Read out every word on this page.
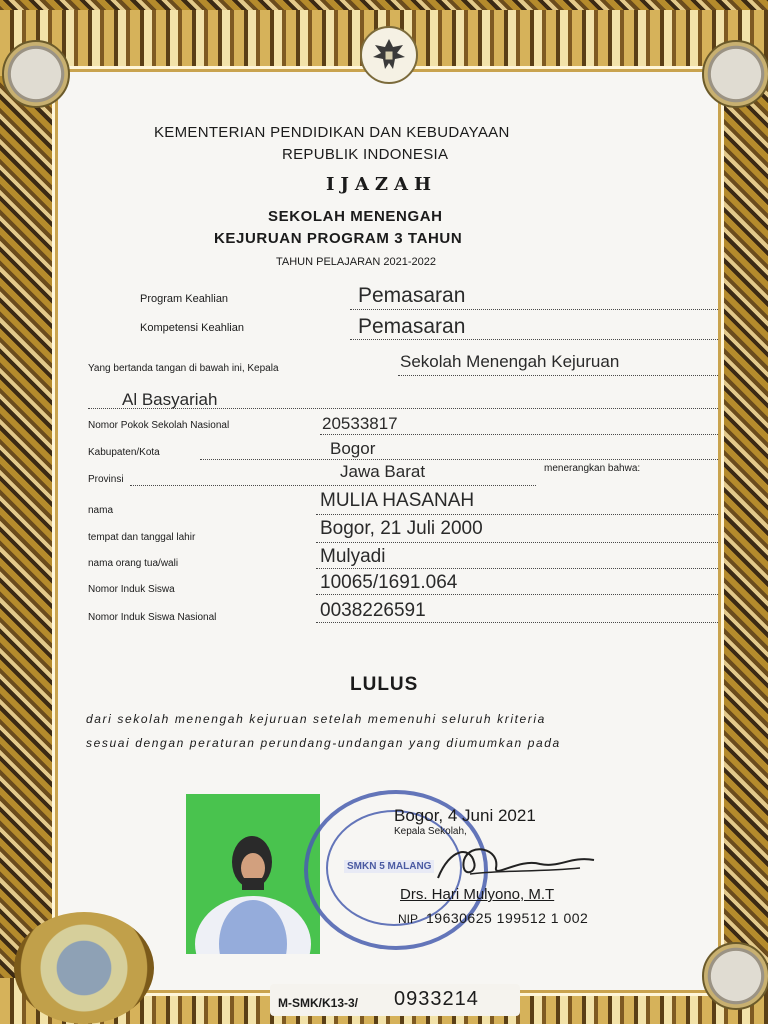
KEMENTERIAN PENDIDIKAN DAN KEBUDAYAAN
REPUBLIK INDONESIA
IJAZAH
SEKOLAH MENENGAH
KEJURUAN PROGRAM 3 TAHUN
TAHUN PELAJARAN 2021-2022
Program Keahlian	Pemasaran
Kompetensi Keahlian	Pemasaran
Yang bertanda tangan di bawah ini, Kepala	Sekolah Menengah Kejuruan
Al Basyariah
Nomor Pokok Sekolah Nasional	20533817
Kabupaten/Kota	Bogor
Provinsi	Jawa Barat	menerangkan bahwa:
nama	MULIA HASANAH
tempat dan tanggal lahir	Bogor, 21 Juli 2000
nama orang tua/wali	Mulyadi
Nomor Induk Siswa	10065/1691.064
Nomor Induk Siswa Nasional	0038226591
LULUS
dari sekolah menengah kejuruan setelah memenuhi seluruh kriteria
sesuai dengan peraturan perundang-undangan yang diumumkan pada
SMKN 5 MALANG
Bogor, 4 Juni 2021
Kepala Sekolah,
Drs. Hari Mulyono, M.T
NIP 19630625 199512 1 002
M-SMK/K13-3/ 0933214
